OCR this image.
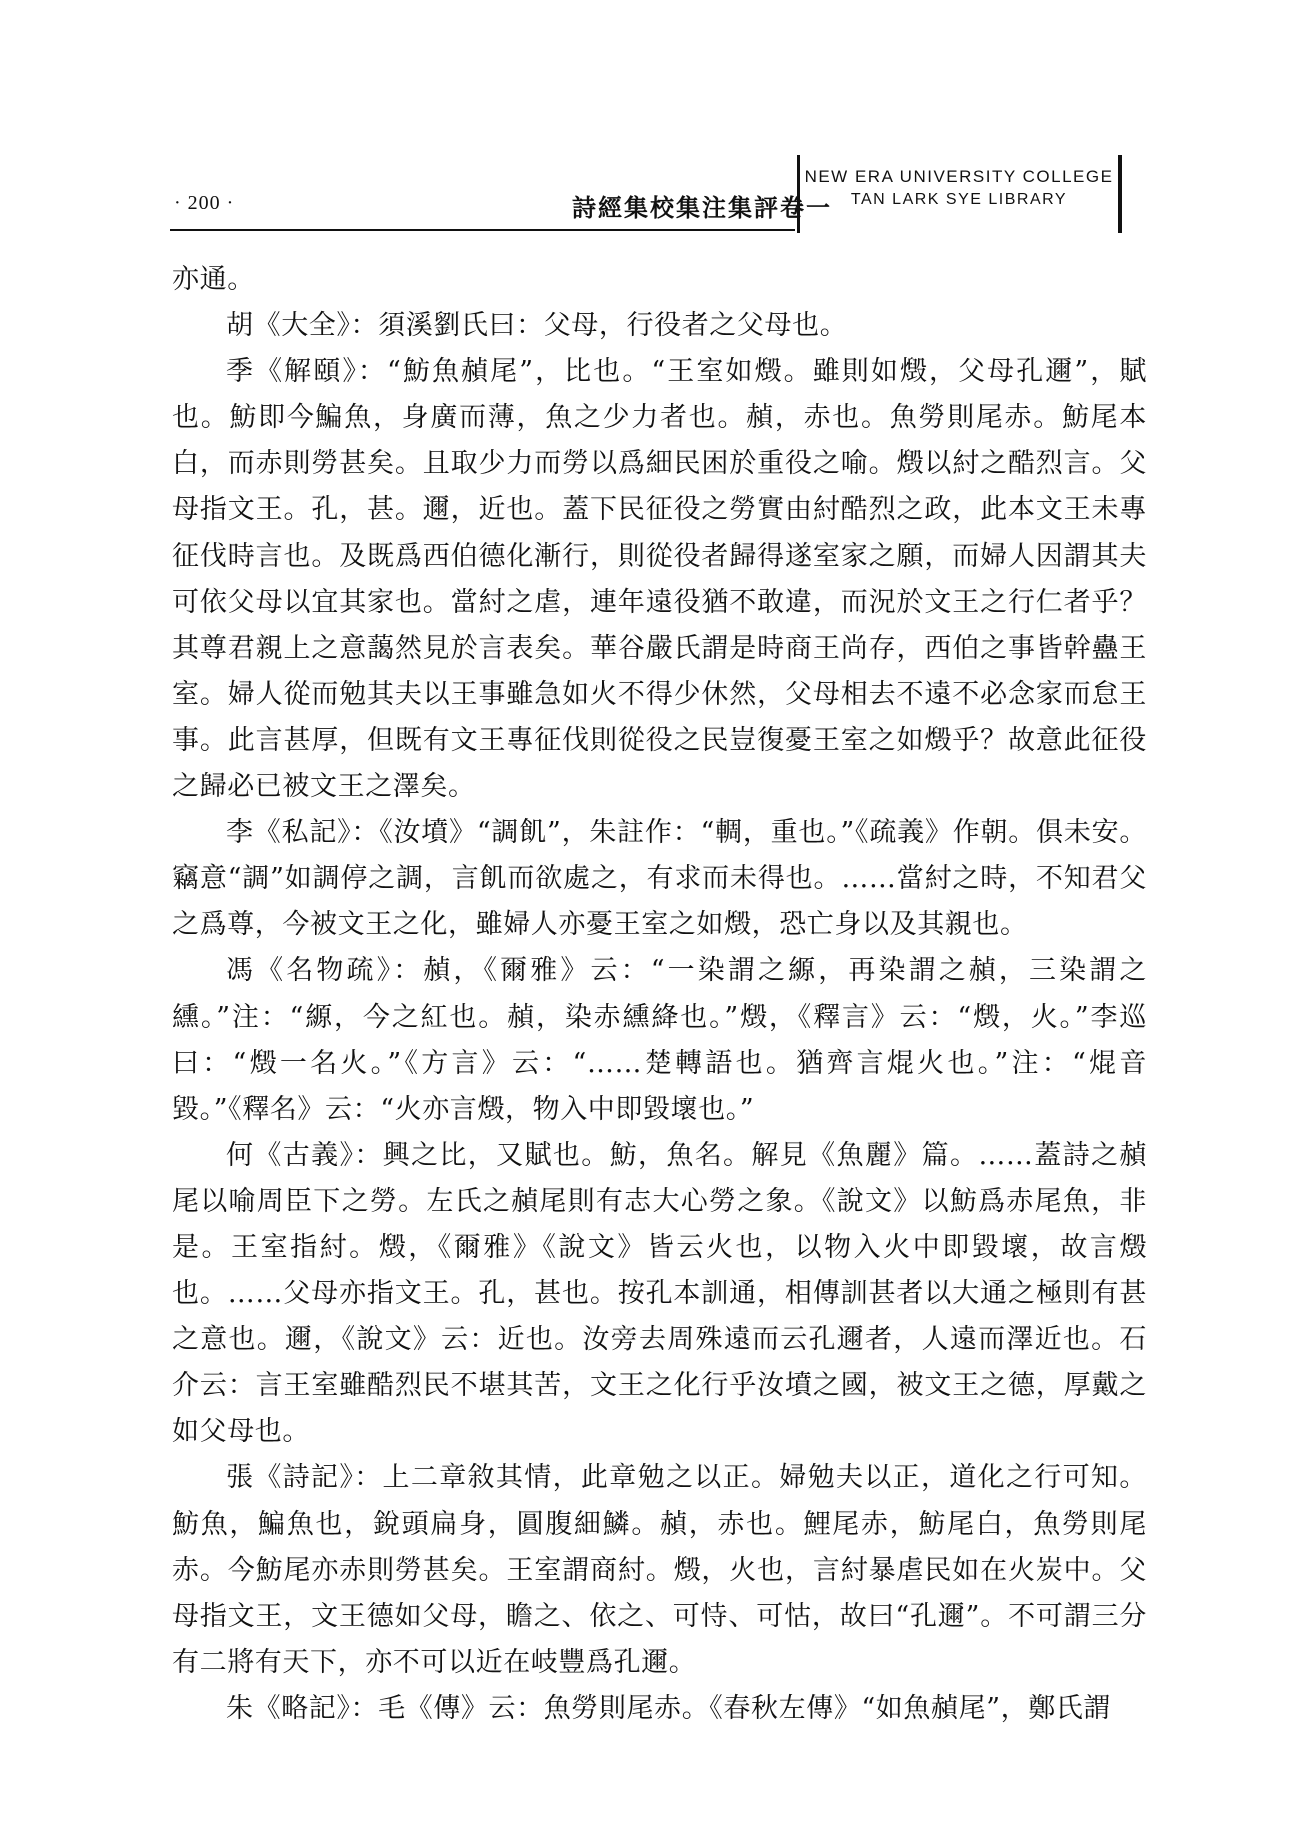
· 200 ·	詩經集校集注集評卷一
NEW ERA UNIVERSITY COLLEGE
TAN LARK SYE LIBRARY

亦通。

胡《大全》：須溪劉氏曰：父母，行役者之父母也。

季《解頤》：“魴魚赬尾”，比也。“王室如燬。雖則如燬，父母孔邇”，賦也。魴即今鯿魚，身廣而薄，魚之少力者也。赬，赤也。魚勞則尾赤。魴尾本白，而赤則勞甚矣。且取少力而勞以爲細民困於重役之喻。燬以紂之酷烈言。父母指文王。孔，甚。邇，近也。蓋下民征役之勞實由紂酷烈之政，此本文王未專征伐時言也。及既爲西伯德化漸行，則從役者歸得遂室家之願，而婦人因謂其夫可依父母以宜其家也。當紂之虐，連年遠役猶不敢違，而況於文王之行仁者乎？其尊君親上之意藹然見於言表矣。華谷嚴氏謂是時商王尚存，西伯之事皆幹蠱王室。婦人從而勉其夫以王事雖急如火不得少休然，父母相去不遠不必念家而怠王事。此言甚厚，但既有文王專征伐則從役之民豈復憂王室之如燬乎？故意此征役之歸必已被文王之澤矣。

李《私記》：《汝墳》“調飢”，朱註作：“輖，重也。”《疏義》作朝。俱未安。竊意“調”如調停之調，言飢而欲處之，有求而未得也。……當紂之時，不知君父之爲尊，今被文王之化，雖婦人亦憂王室之如燬，恐亡身以及其親也。

馮《名物疏》：赬，《爾雅》云：“一染謂之縓，再染謂之赬，三染謂之纁。”注：“縓，今之紅也。赬，染赤纁絳也。”燬，《釋言》云：“燬，火。”李巡曰：“燬一名火。”《方言》云：“……楚轉語也。猶齊言焜火也。”注：“焜音毀。”《釋名》云：“火亦言燬，物入中即毀壞也。”

何《古義》：興之比，又賦也。魴，魚名。解見《魚麗》篇。……蓋詩之赬尾以喻周臣下之勞。左氏之赬尾則有志大心勞之象。《說文》以魴爲赤尾魚，非是。王室指紂。燬，《爾雅》《說文》皆云火也，以物入火中即毀壞，故言燬也。……父母亦指文王。孔，甚也。按孔本訓通，相傳訓甚者以大通之極則有甚之意也。邇，《說文》云：近也。汝旁去周殊遠而云孔邇者，人遠而澤近也。石介云：言王室雖酷烈民不堪其苦，文王之化行乎汝墳之國，被文王之德，厚戴之如父母也。

張《詩記》：上二章敘其情，此章勉之以正。婦勉夫以正，道化之行可知。魴魚，鯿魚也，銳頭扁身，圓腹細鱗。赬，赤也。鯉尾赤，魴尾白，魚勞則尾赤。今魴尾亦赤則勞甚矣。王室謂商紂。燬，火也，言紂暴虐民如在火炭中。父母指文王，文王德如父母，瞻之、依之、可恃、可怙，故曰“孔邇”。不可謂三分有二將有天下，亦不可以近在岐豐爲孔邇。

朱《略記》：毛《傳》云：魚勞則尾赤。《春秋左傳》“如魚赬尾”，鄭氏謂
